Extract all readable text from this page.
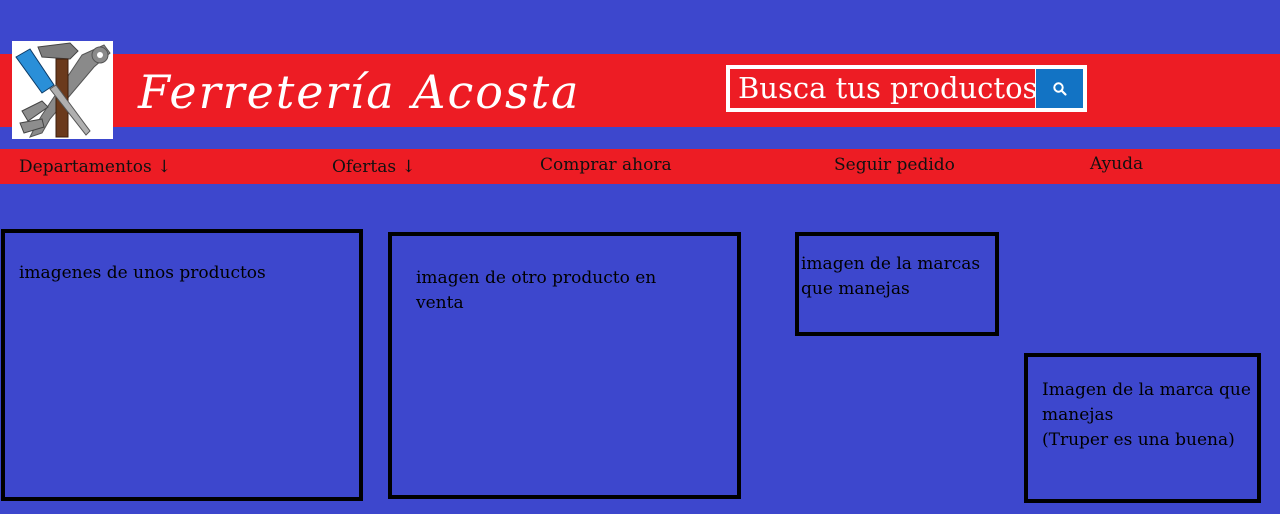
Ferretería Acosta
Busca tus productos
Departamentos ↓	Ofertas ↓	Comprar ahora	Seguir pedido	Ayuda
imagenes de unos productos	imagen de otro producto en
venta
imagen de la marcas
que manejas
Imagen de la marca que
manejas
(Truper es una buena)
